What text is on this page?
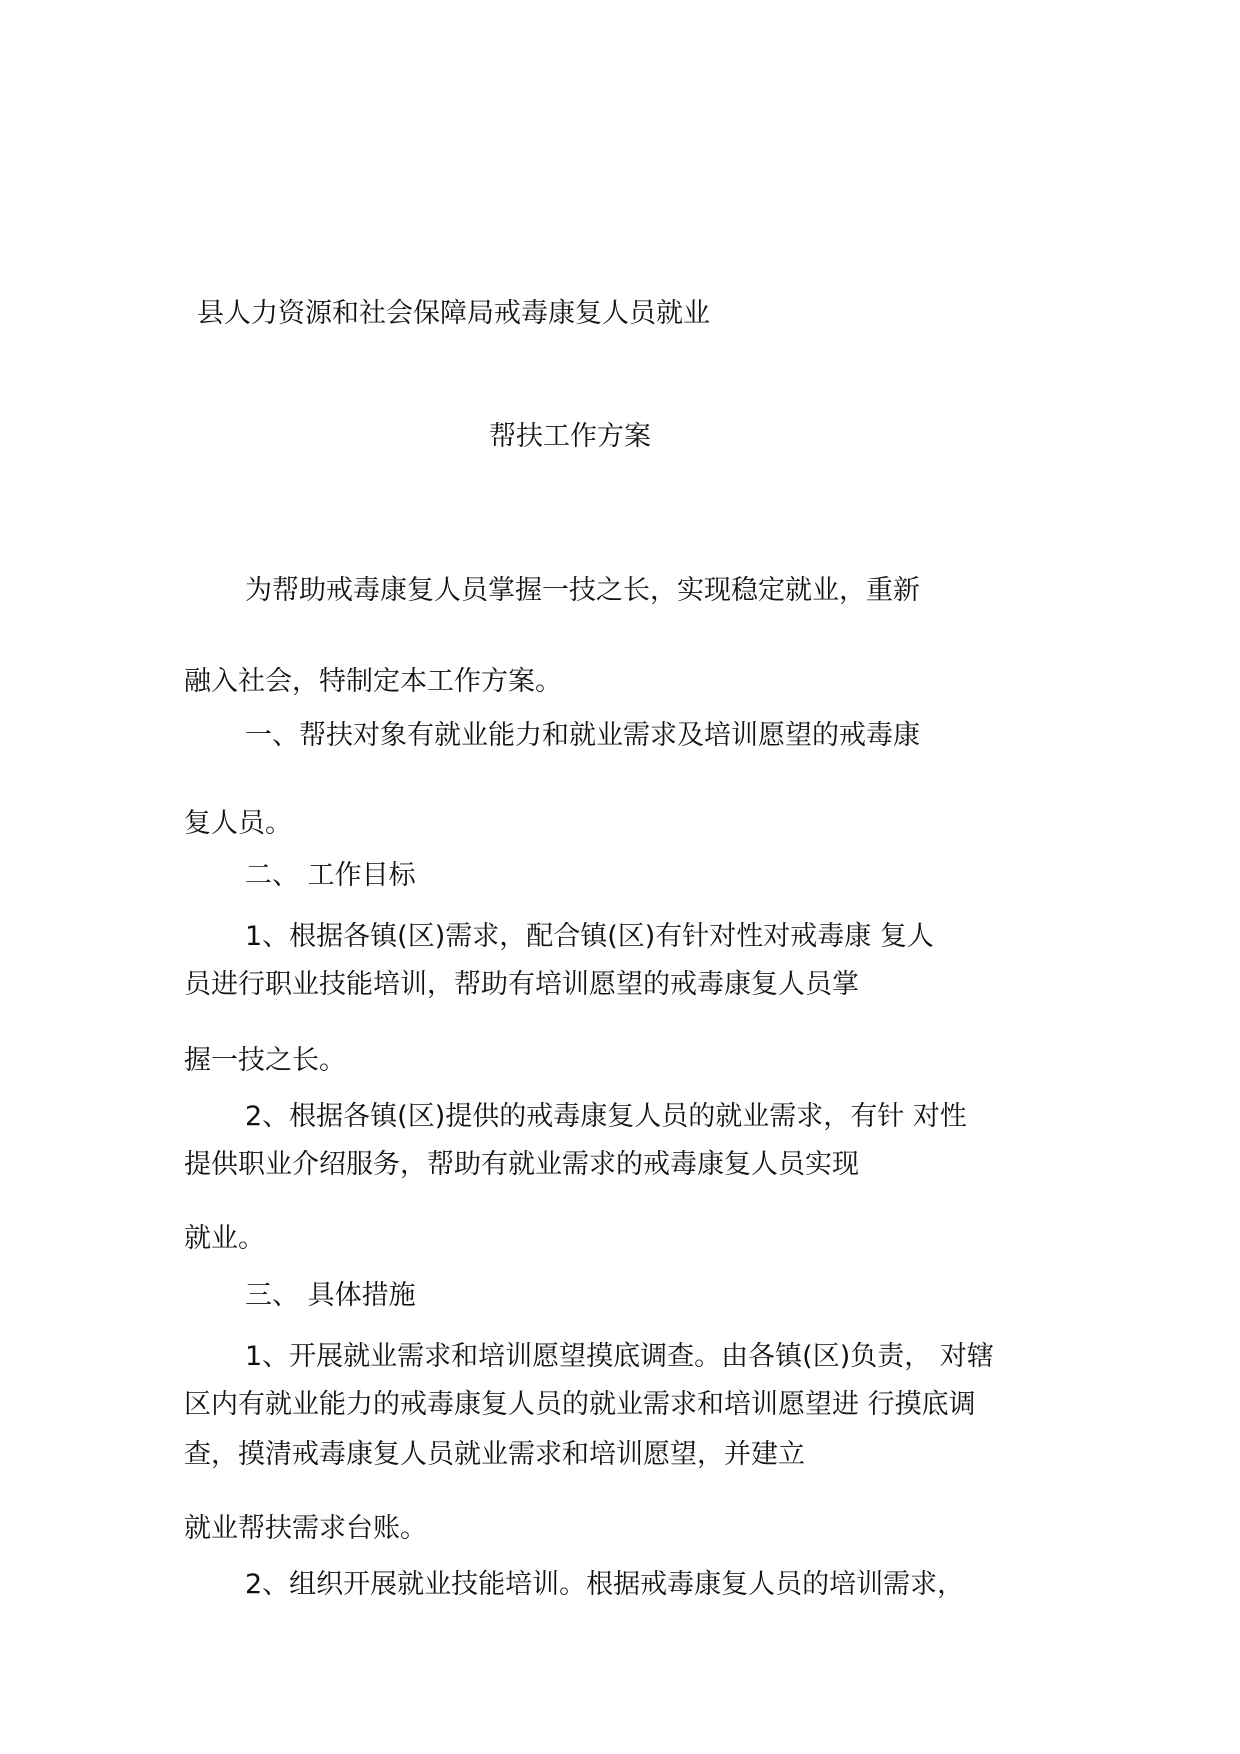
县人力资源和社会保障局戒毒康复人员就业
帮扶工作方案
为帮助戒毒康复人员掌握一技之长，实现稳定就业，重新
融入社会，特制定本工作方案。
一、帮扶对象有就业能力和就业需求及培训愿望的戒毒康
复人员。
二、 工作目标
1、根据各镇(区)需求，配合镇(区)有针对性对戒毒康 复人
员进行职业技能培训，帮助有培训愿望的戒毒康复人员掌
握一技之长。
2、根据各镇(区)提供的戒毒康复人员的就业需求，有针 对性
提供职业介绍服务，帮助有就业需求的戒毒康复人员实现
就业。
三、 具体措施
1、开展就业需求和培训愿望摸底调查。由各镇(区)负责， 对辖
区内有就业能力的戒毒康复人员的就业需求和培训愿望进 行摸底调
查，摸清戒毒康复人员就业需求和培训愿望，并建立
就业帮扶需求台账。
2、组织开展就业技能培训。根据戒毒康复人员的培训需求，
